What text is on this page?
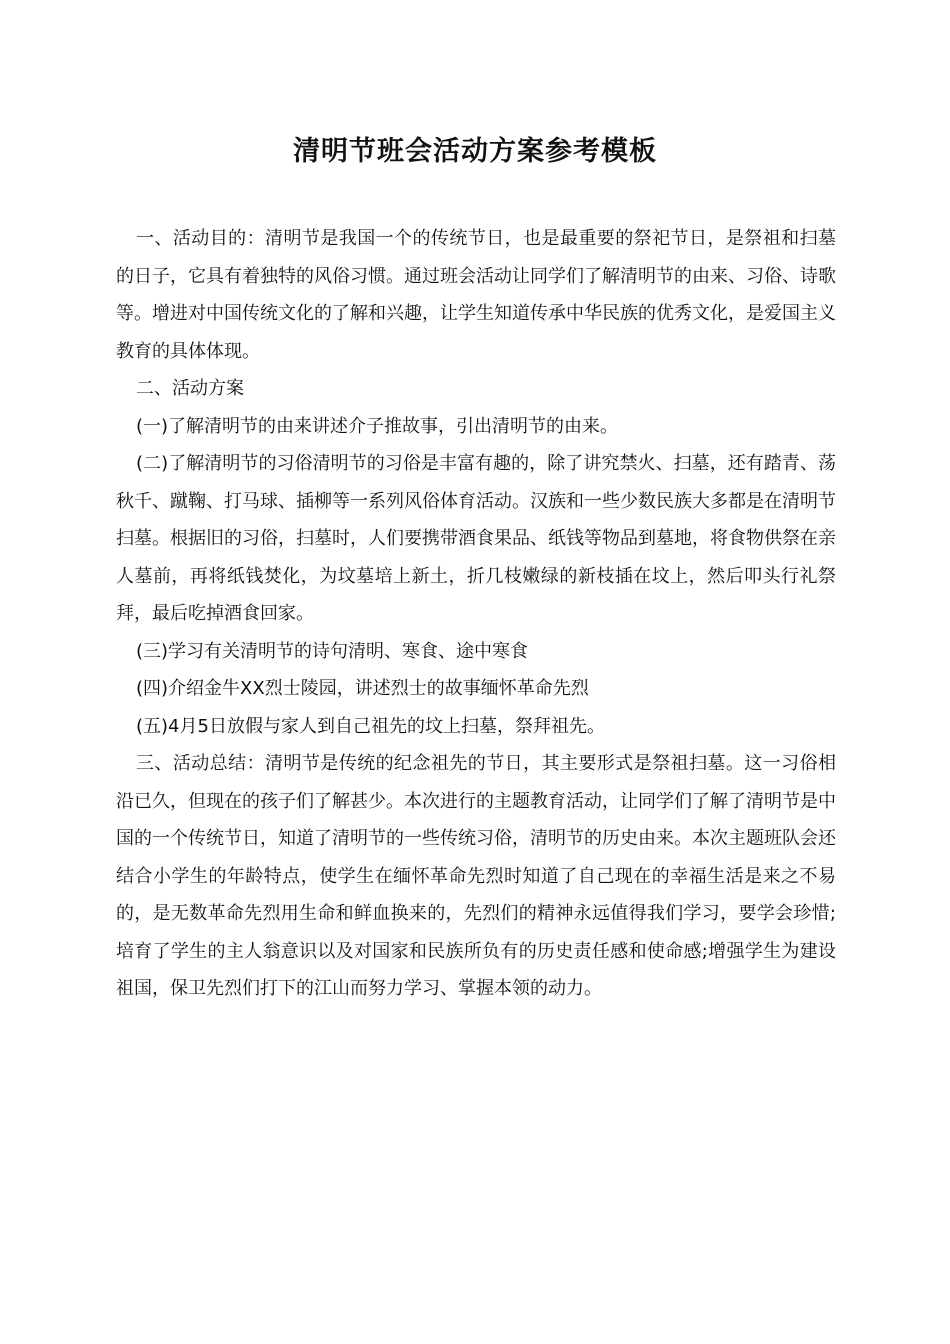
清明节班会活动方案参考模板

一、活动目的：清明节是我国一个的传统节日，也是最重要的祭祀节日，是祭祖和扫墓的日子，它具有着独特的风俗习惯。通过班会活动让同学们了解清明节的由来、习俗、诗歌等。增进对中国传统文化的了解和兴趣，让学生知道传承中华民族的优秀文化，是爱国主义教育的具体体现。

二、活动方案

(一)了解清明节的由来讲述介子推故事，引出清明节的由来。

(二)了解清明节的习俗清明节的习俗是丰富有趣的，除了讲究禁火、扫墓，还有踏青、荡秋千、蹴鞠、打马球、插柳等一系列风俗体育活动。汉族和一些少数民族大多都是在清明节扫墓。根据旧的习俗，扫墓时，人们要携带酒食果品、纸钱等物品到墓地，将食物供祭在亲人墓前，再将纸钱焚化，为坟墓培上新土，折几枝嫩绿的新枝插在坟上，然后叩头行礼祭拜，最后吃掉酒食回家。

(三)学习有关清明节的诗句清明、寒食、途中寒食

(四)介绍金牛XX烈士陵园，讲述烈士的故事缅怀革命先烈

(五)4月5日放假与家人到自己祖先的坟上扫墓，祭拜祖先。

三、活动总结：清明节是传统的纪念祖先的节日，其主要形式是祭祖扫墓。这一习俗相沿已久，但现在的孩子们了解甚少。本次进行的主题教育活动，让同学们了解了清明节是中国的一个传统节日，知道了清明节的一些传统习俗，清明节的历史由来。本次主题班队会还结合小学生的年龄特点，使学生在缅怀革命先烈时知道了自己现在的幸福生活是来之不易的，是无数革命先烈用生命和鲜血换来的，先烈们的精神永远值得我们学习，要学会珍惜;培育了学生的主人翁意识以及对国家和民族所负有的历史责任感和使命感;增强学生为建设祖国，保卫先烈们打下的江山而努力学习、掌握本领的动力。
